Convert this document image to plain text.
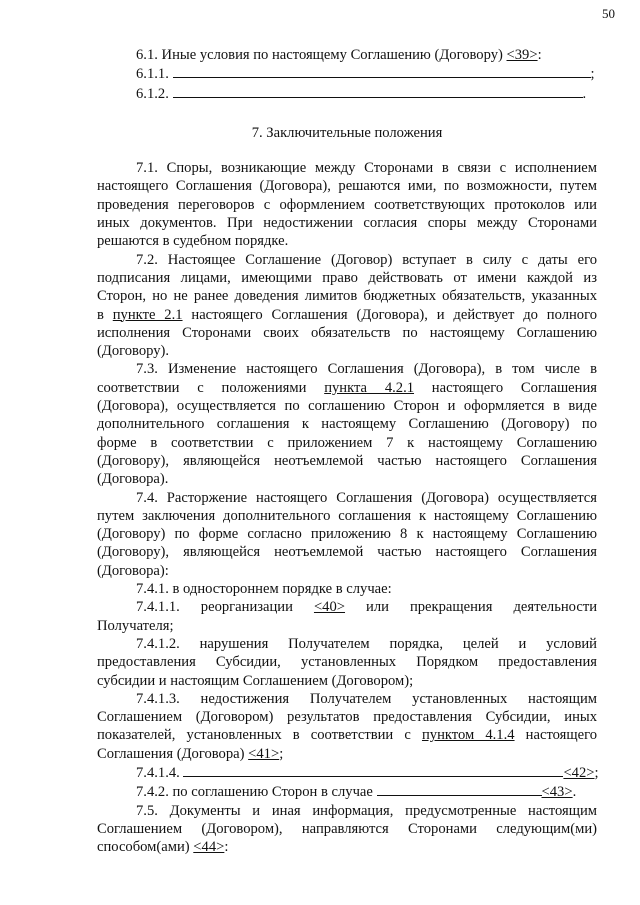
50
6.1. Иные условия по настоящему Соглашению (Договору) <39>:
6.1.1.	;
6.1.2.	.
7. Заключительные положения
7.1. Споры, возникающие между Сторонами в связи с исполнением
настоящего Соглашения (Договора), решаются ими, по возможности, путем
проведения переговоров с оформлением соответствующих протоколов или
иных документов. При недостижении согласия споры между Сторонами
решаются в судебном порядке.
7.2. Настоящее Соглашение (Договор) вступает в силу с даты его
подписания лицами, имеющими право действовать от имени каждой из
Сторон, но не ранее доведения лимитов бюджетных обязательств, указанных
в пункте 2.1 настоящего Соглашения (Договора), и действует до полного
исполнения Сторонами своих обязательств по настоящему Соглашению
(Договору).
7.3. Изменение настоящего Соглашения (Договора), в том числе в
соответствии с положениями пункта 4.2.1 настоящего Соглашения
(Договора), осуществляется по соглашению Сторон и оформляется в виде
дополнительного соглашения к настоящему Соглашению (Договору) по
форме в соответствии с приложением 7 к настоящему Соглашению
(Договору), являющейся неотъемлемой частью настоящего Соглашения
(Договора).
7.4. Расторжение настоящего Соглашения (Договора) осуществляется
путем заключения дополнительного соглашения к настоящему Соглашению
(Договору) по форме согласно приложению 8 к настоящему Соглашению
(Договору), являющейся неотъемлемой частью настоящего Соглашения
(Договора):
7.4.1. в одностороннем порядке в случае:
7.4.1.1. реорганизации <40> или прекращения деятельности
Получателя;
7.4.1.2. нарушения Получателем порядка, целей и условий
предоставления Субсидии, установленных Порядком предоставления
субсидии и настоящим Соглашением (Договором);
7.4.1.3. недостижения Получателем установленных настоящим
Соглашением (Договором) результатов предоставления Субсидии, иных
показателей, установленных в соответствии с пунктом 4.1.4 настоящего
Соглашения (Договора) <41>;
7.4.1.4.	<42>;
7.4.2. по соглашению Сторон в случае	<43>.
7.5. Документы и иная информация, предусмотренные настоящим
Соглашением (Договором), направляются Сторонами следующим(ми)
способом(ами) <44>:
